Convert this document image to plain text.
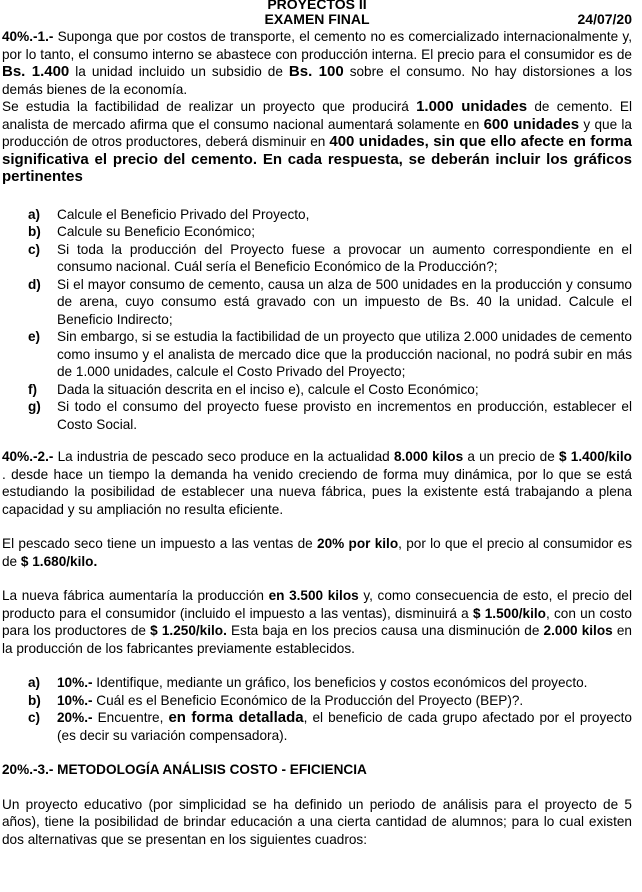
PROYECTOS II
EXAMEN FINAL	24/07/20

40%.-1.- Suponga que por costos de transporte, el cemento no es comercializado internacionalmente y, por lo tanto, el consumo interno se abastece con producción interna. El precio para el consumidor es de Bs. 1.400 la unidad incluido un subsidio de Bs. 100 sobre el consumo. No hay distorsiones a los demás bienes de la economía.

Se estudia la factibilidad de realizar un proyecto que producirá 1.000 unidades de cemento. El analista de mercado afirma que el consumo nacional aumentará solamente en 600 unidades y que la producción de otros productores, deberá disminuir en 400 unidades, sin que ello afecte en forma significativa el precio del cemento. En cada respuesta, se deberán incluir los gráficos pertinentes

a) Calcule el Beneficio Privado del Proyecto,
b) Calcule su Beneficio Económico;
c) Si toda la producción del Proyecto fuese a provocar un aumento correspondiente en el consumo nacional. Cuál sería el Beneficio Económico de la Producción?;
d) Si el mayor consumo de cemento, causa un alza de 500 unidades en la producción y consumo de arena, cuyo consumo está gravado con un impuesto de Bs. 40 la unidad. Calcule el Beneficio Indirecto;
e) Sin embargo, si se estudia la factibilidad de un proyecto que utiliza 2.000 unidades de cemento como insumo y el analista de mercado dice que la producción nacional, no podrá subir en más de 1.000 unidades, calcule el Costo Privado del Proyecto;
f) Dada la situación descrita en el inciso e), calcule el Costo Económico;
g) Si todo el consumo del proyecto fuese provisto en incrementos en producción, establecer el Costo Social.

40%.-2.- La industria de pescado seco produce en la actualidad 8.000 kilos a un precio de $ 1.400/kilo . desde hace un tiempo la demanda ha venido creciendo de forma muy dinámica, por lo que se está estudiando la posibilidad de establecer una nueva fábrica, pues la existente está trabajando a plena capacidad y su ampliación no resulta eficiente.

El pescado seco tiene un impuesto a las ventas de 20% por kilo, por lo que el precio al consumidor es de $ 1.680/kilo.

La nueva fábrica aumentaría la producción en 3.500 kilos y, como consecuencia de esto, el precio del producto para el consumidor (incluido el impuesto a las ventas), disminuirá a $ 1.500/kilo, con un costo para los productores de $ 1.250/kilo. Esta baja en los precios causa una disminución de 2.000 kilos en la producción de los fabricantes previamente establecidos.

a) 10%.- Identifique, mediante un gráfico, los beneficios y costos económicos del proyecto.
b) 10%.- Cuál es el Beneficio Económico de la Producción del Proyecto (BEP)?.
c) 20%.- Encuentre, en forma detallada, el beneficio de cada grupo afectado por el proyecto (es decir su variación compensadora).

20%.-3.- METODOLOGÍA ANÁLISIS COSTO - EFICIENCIA

Un proyecto educativo (por simplicidad se ha definido un periodo de análisis para el proyecto de 5 años), tiene la posibilidad de brindar educación a una cierta cantidad de alumnos; para lo cual existen dos alternativas que se presentan en los siguientes cuadros:
